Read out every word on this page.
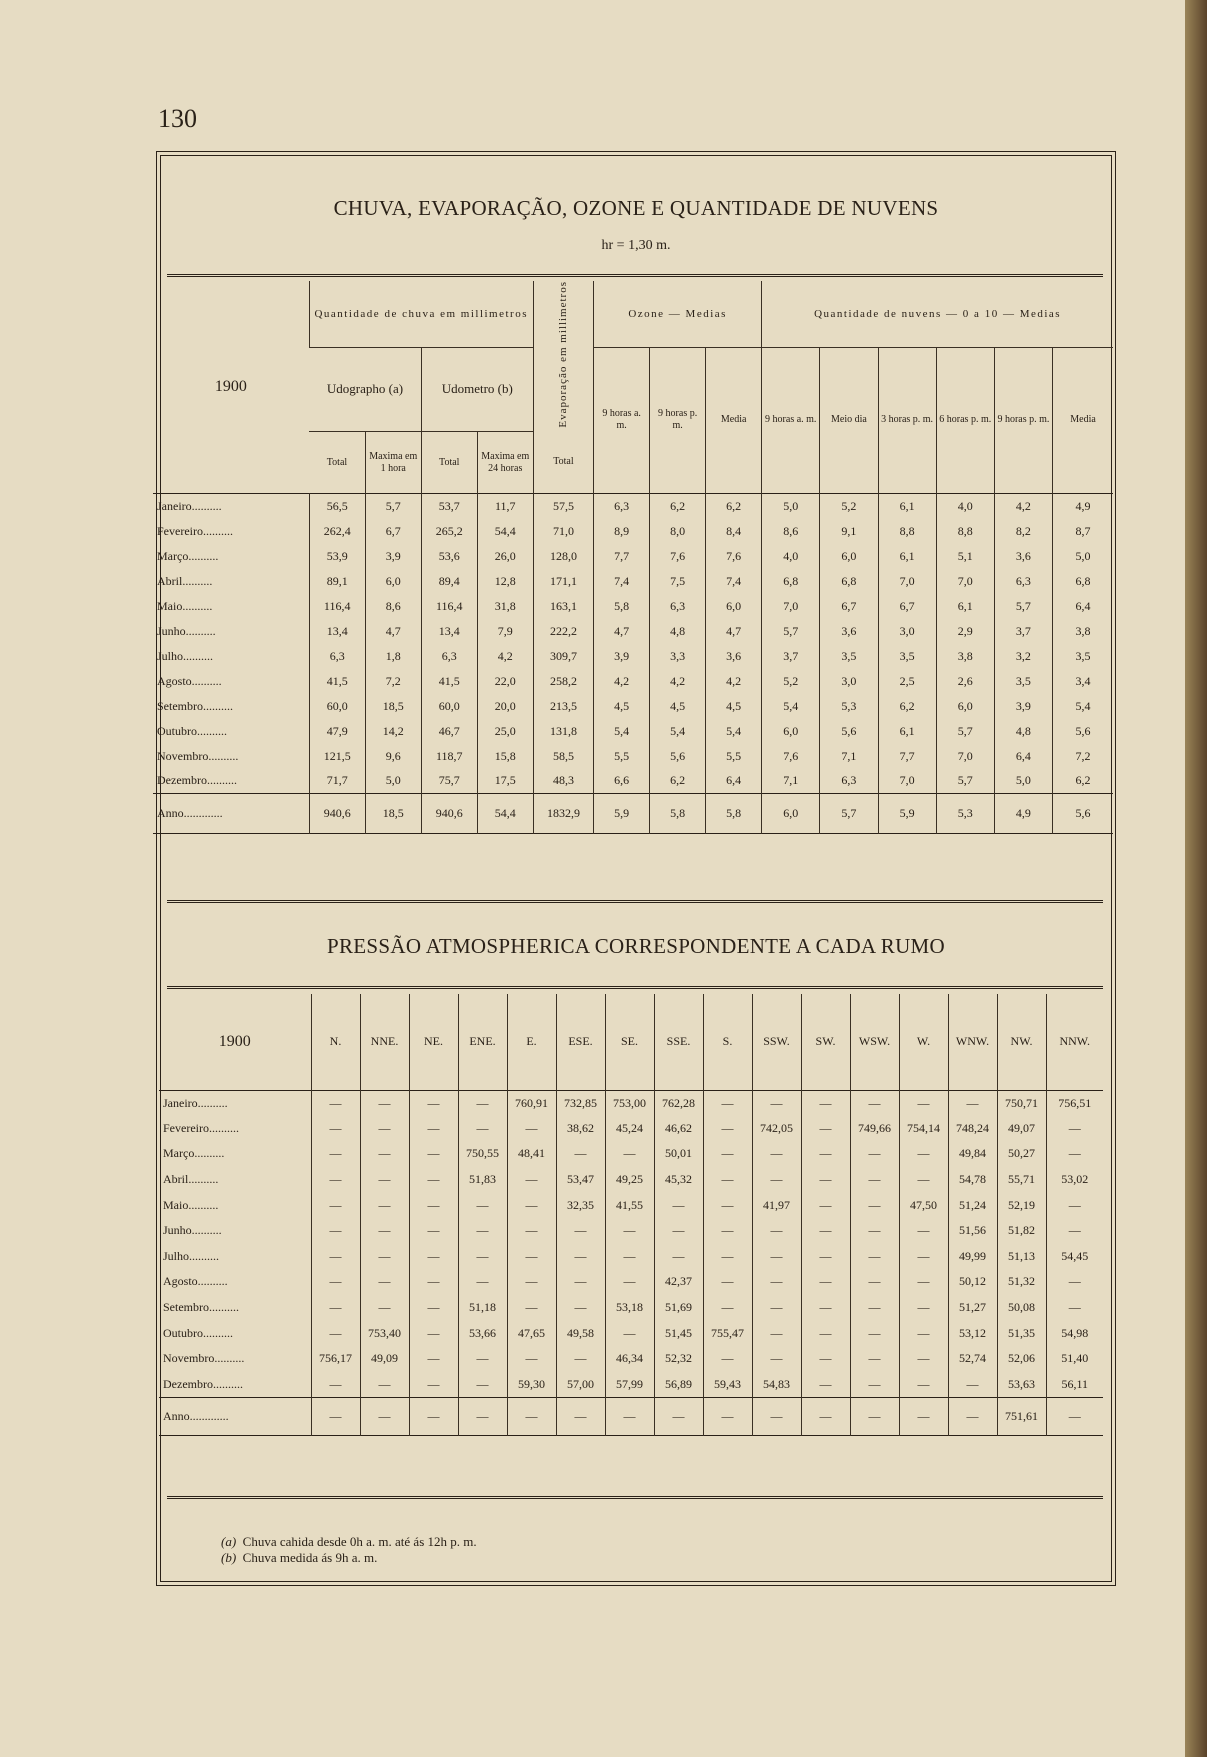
130
CHUVA, EVAPORAÇÃO, OZONE E QUANTIDADE DE NUVENS
hr = 1,30 m.
1900	Quantidade de chuva em millimetros				Evaporação em millimetros	Ozone — Medias			Quantidade de nuvens — 0 a 10 — Medias					
	Udographo (a)		Udometro (b)			9 horas a. m.	9 horas p. m.	Media	9 horas a. m.	Meio dia	3 horas p. m.	6 horas p. m.	9 horas p. m.	Media
	Total	Maxima em 1 hora	Total	Maxima em 24 horas	Total									
Janeiro..........	56,5	5,7	53,7	11,7	57,5	6,3	6,2	6,2	5,0	5,2	6,1	4,0	4,2	4,9
Fevereiro..........	262,4	6,7	265,2	54,4	71,0	8,9	8,0	8,4	8,6	9,1	8,8	8,8	8,2	8,7
Março..........	53,9	3,9	53,6	26,0	128,0	7,7	7,6	7,6	4,0	6,0	6,1	5,1	3,6	5,0
Abril..........	89,1	6,0	89,4	12,8	171,1	7,4	7,5	7,4	6,8	6,8	7,0	7,0	6,3	6,8
Maio..........	116,4	8,6	116,4	31,8	163,1	5,8	6,3	6,0	7,0	6,7	6,7	6,1	5,7	6,4
Junho..........	13,4	4,7	13,4	7,9	222,2	4,7	4,8	4,7	5,7	3,6	3,0	2,9	3,7	3,8
Julho..........	6,3	1,8	6,3	4,2	309,7	3,9	3,3	3,6	3,7	3,5	3,5	3,8	3,2	3,5
Agosto..........	41,5	7,2	41,5	22,0	258,2	4,2	4,2	4,2	5,2	3,0	2,5	2,6	3,5	3,4
Setembro..........	60,0	18,5	60,0	20,0	213,5	4,5	4,5	4,5	5,4	5,3	6,2	6,0	3,9	5,4
Outubro..........	47,9	14,2	46,7	25,0	131,8	5,4	5,4	5,4	6,0	5,6	6,1	5,7	4,8	5,6
Novembro..........	121,5	9,6	118,7	15,8	58,5	5,5	5,6	5,5	7,6	7,1	7,7	7,0	6,4	7,2
Dezembro..........	71,7	5,0	75,7	17,5	48,3	6,6	6,2	6,4	7,1	6,3	7,0	5,7	5,0	6,2
Anno.............	940,6	18,5	940,6	54,4	1832,9	5,9	5,8	5,8	6,0	5,7	5,9	5,3	4,9	5,6
PRESSÃO ATMOSPHERICA CORRESPONDENTE A CADA RUMO
1900	N.	NNE.	NE.	ENE.	E.	ESE.	SE.	SSE.	S.	SSW.	SW.	WSW.	W.	WNW.	NW.	NNW.
Janeiro..........	—	—	—	—	760,91	732,85	753,00	762,28	—	—	—	—	—	—	750,71	756,51
Fevereiro..........	—	—	—	—	—	38,62	45,24	46,62	—	742,05	—	749,66	754,14	748,24	49,07	—
Março..........	—	—	—	750,55	48,41	—	—	50,01	—	—	—	—	—	49,84	50,27	—
Abril..........	—	—	—	51,83	—	53,47	49,25	45,32	—	—	—	—	—	54,78	55,71	53,02
Maio..........	—	—	—	—	—	32,35	41,55	—	—	41,97	—	—	47,50	51,24	52,19	—
Junho..........	—	—	—	—	—	—	—	—	—	—	—	—	—	51,56	51,82	—
Julho..........	—	—	—	—	—	—	—	—	—	—	—	—	—	49,99	51,13	54,45
Agosto..........	—	—	—	—	—	—	—	42,37	—	—	—	—	—	50,12	51,32	—
Setembro..........	—	—	—	51,18	—	—	53,18	51,69	—	—	—	—	—	51,27	50,08	—
Outubro..........	—	753,40	—	53,66	47,65	49,58	—	51,45	755,47	—	—	—	—	53,12	51,35	54,98
Novembro..........	756,17	49,09	—	—	—	—	46,34	52,32	—	—	—	—	—	52,74	52,06	51,40
Dezembro..........	—	—	—	—	59,30	57,00	57,99	56,89	59,43	54,83	—	—	—	—	53,63	56,11
Anno.............	—	—	—	—	—	—	—	—	—	—	—	—	—	—	751,61	—
(a) Chuva cahida desde 0h a. m. até ás 12h p. m.
(b) Chuva medida ás 9h a. m.
